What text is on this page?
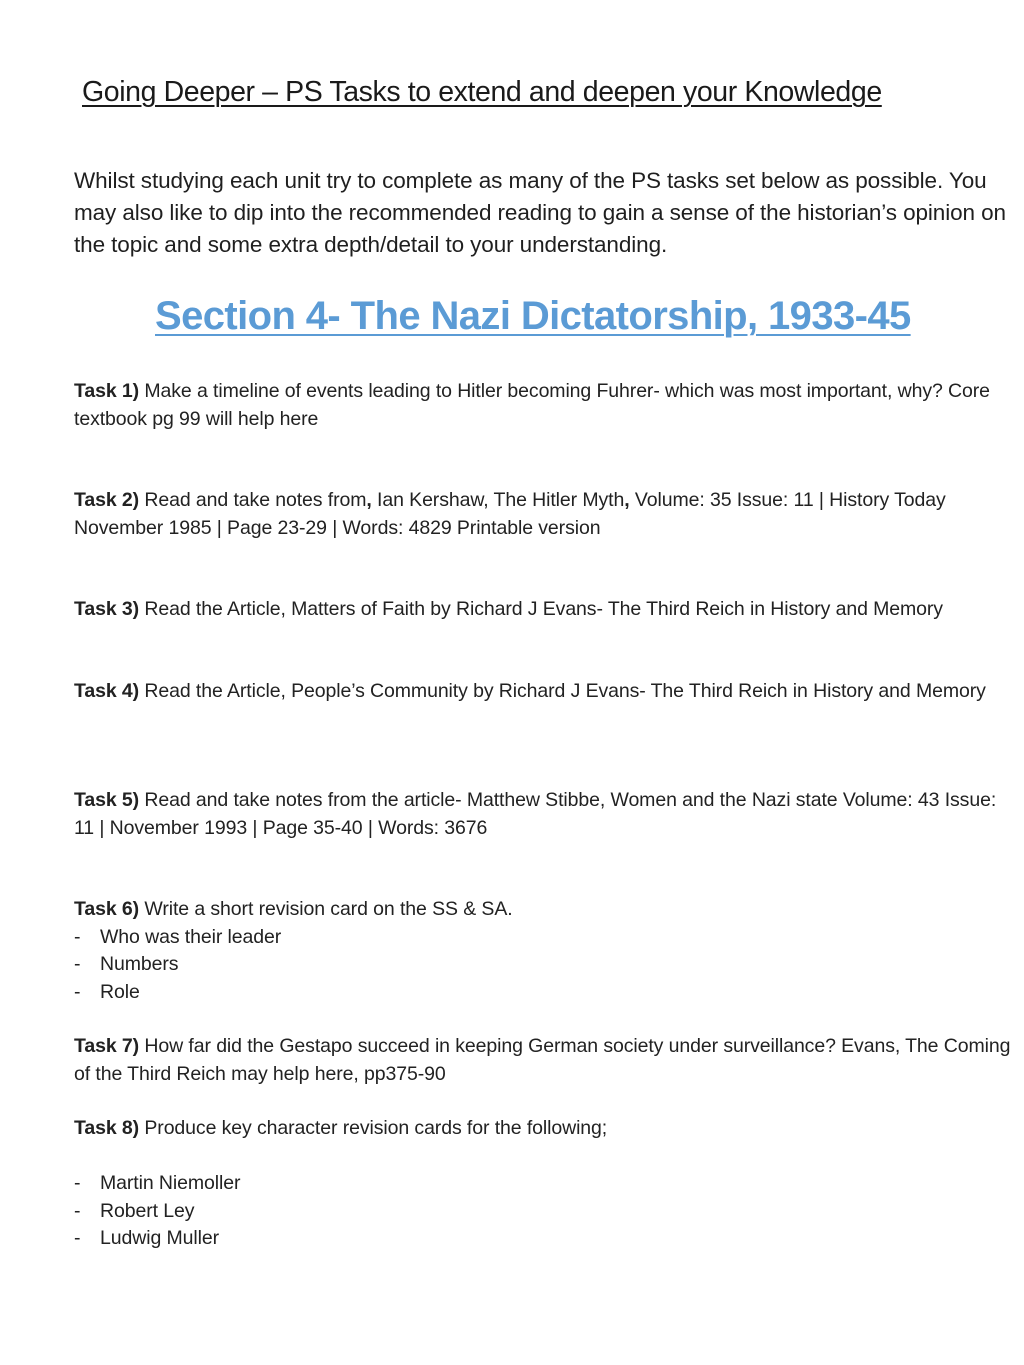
Going Deeper – PS Tasks to extend and deepen your Knowledge

Whilst studying each unit try to complete as many of the PS tasks set below as possible. You may also like to dip into the recommended reading to gain a sense of the historian’s opinion on the topic and some extra depth/detail to your understanding.

Section 4- The Nazi Dictatorship, 1933-45

Task 1) Make a timeline of events leading to Hitler becoming Fuhrer- which was most important, why? Core textbook pg 99 will help here

Task 2) Read and take notes from, Ian Kershaw, The Hitler Myth, Volume: 35 Issue: 11 | History Today November 1985 | Page 23-29 | Words: 4829 Printable version

Task 3) Read the Article, Matters of Faith by Richard J Evans- The Third Reich in History and Memory

Task 4) Read the Article, People’s Community by Richard J Evans- The Third Reich in History and Memory

Task 5) Read and take notes from the article- Matthew Stibbe, Women and the Nazi state Volume: 43 Issue: 11 | November 1993 | Page 35-40 | Words: 3676

Task 6) Write a short revision card on the SS & SA.
- Who was their leader
- Numbers
- Role

Task 7) How far did the Gestapo succeed in keeping German society under surveillance? Evans, The Coming of the Third Reich may help here, pp375-90

Task 8) Produce key character revision cards for the following;
- Martin Niemoller
- Robert Ley
- Ludwig Muller
